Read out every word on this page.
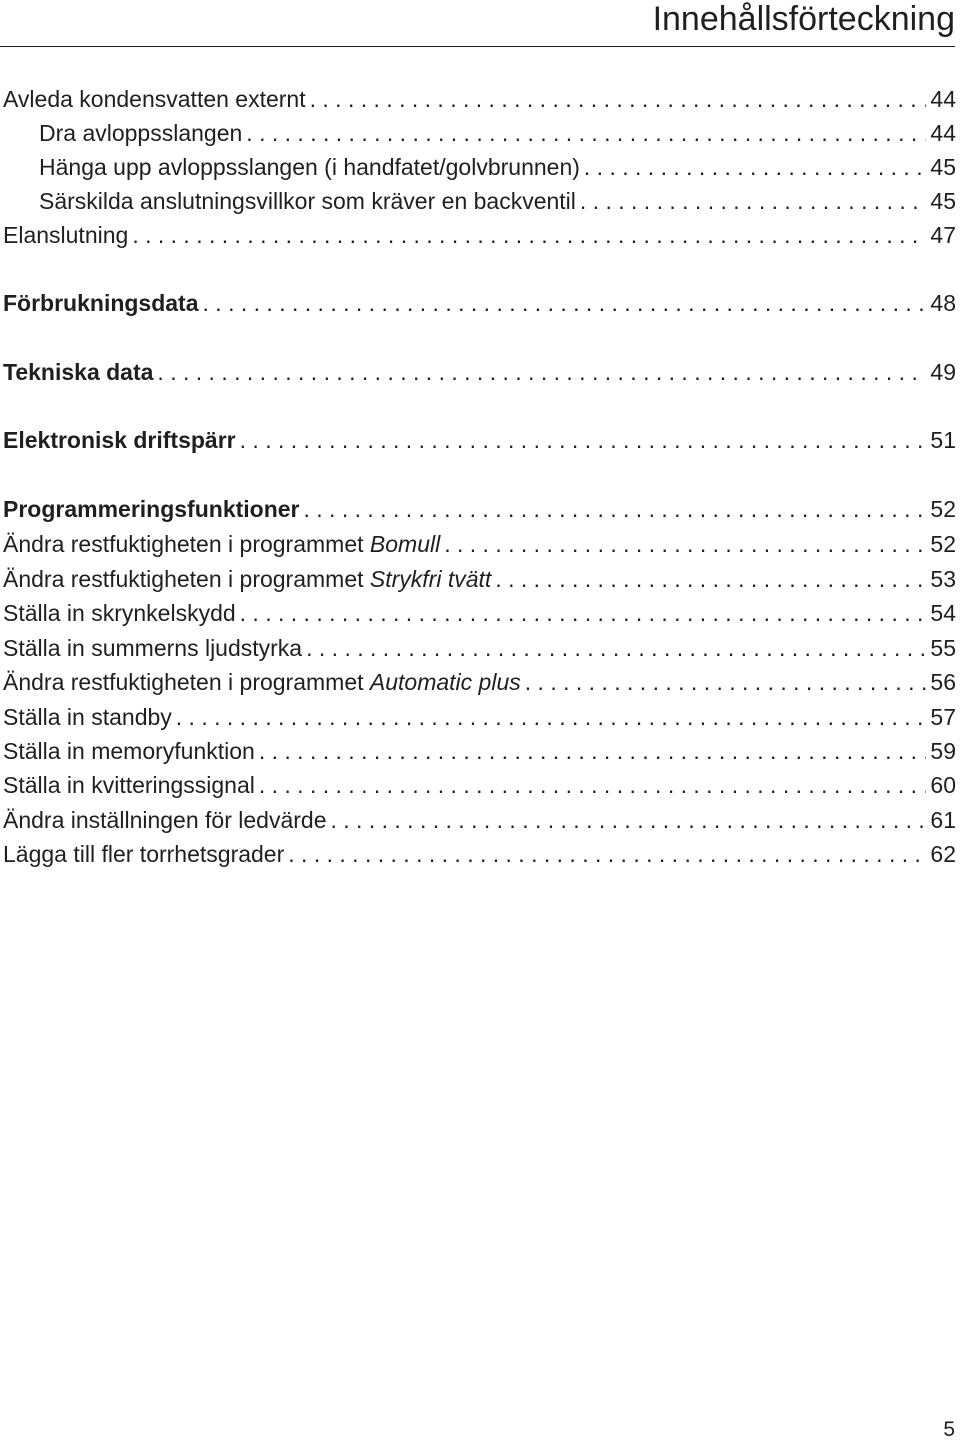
Innehållsförteckning
Avleda kondensvatten externt . . .	44
Dra avloppsslangen . . .	44
Hänga upp avloppsslangen (i handfatet/golvbrunnen) . . .	45
Särskilda anslutningsvillkor som kräver en backventil . . .	45
Elanslutning . . .	47
Förbrukningsdata . . .	48
Tekniska data . . .	49
Elektronisk driftspärr . . .	51
Programmeringsfunktioner . . .	52
Ändra restfuktigheten i programmet Bomull . . .	52
Ändra restfuktigheten i programmet Strykfri tvätt . . .	53
Ställa in skrynkelskydd . . .	54
Ställa in summerns ljudstyrka . . .	55
Ändra restfuktigheten i programmet Automatic plus . . .	56
Ställa in standby . . .	57
Ställa in memoryfunktion . . .	59
Ställa in kvitteringssignal . . .	60
Ändra inställningen för ledvärde . . .	61
Lägga till fler torrhetsgrader . . .	62
5
